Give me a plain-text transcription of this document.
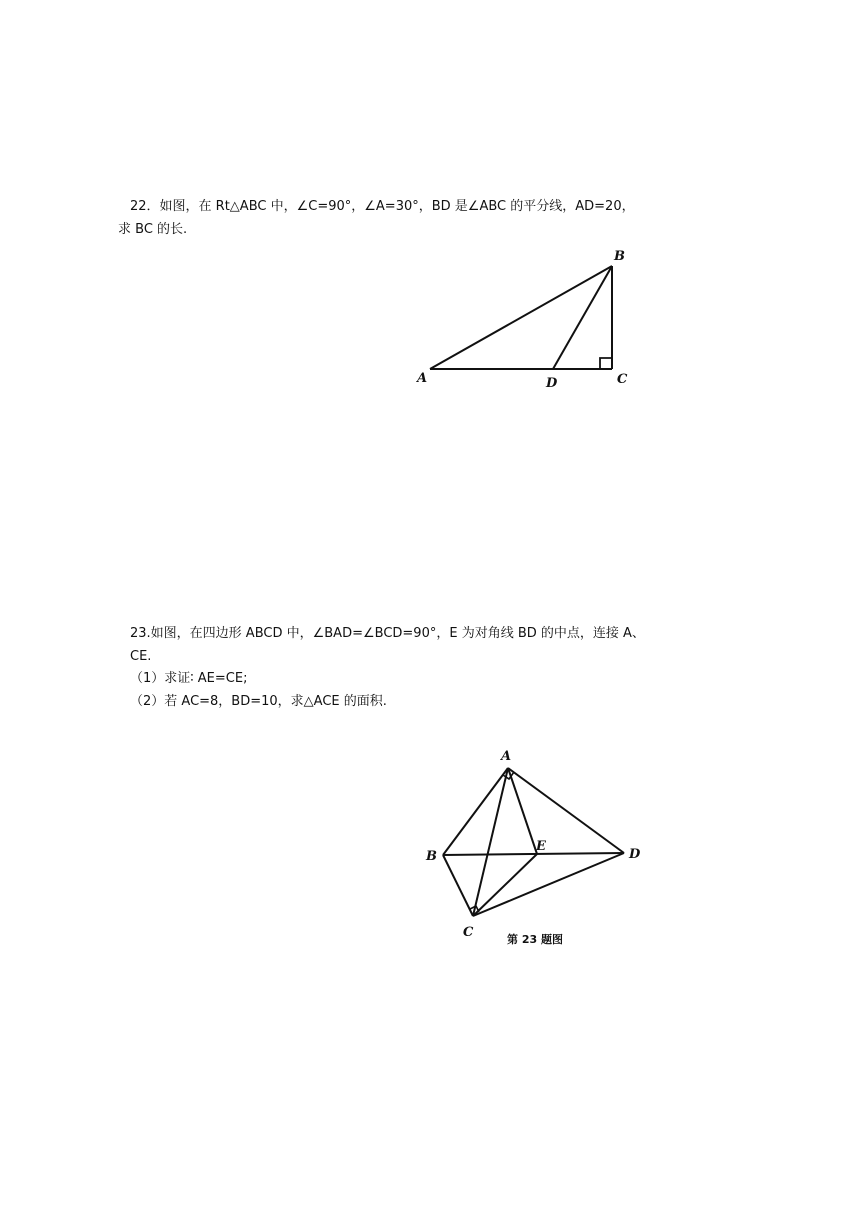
22．如图，在 Rt△ABC 中，∠C=90°，∠A=30°，BD 是∠ABC 的平分线，AD=20，
求 BC 的长.
A
B
C
D
23.如图，在四边形 ABCD 中，∠BAD=∠BCD=90°，E 为对角线 BD 的中点，连接 A、
CE.
（1）求证∶ AE=CE;
（2）若 AC=8，BD=10，求△ACE 的面积.
A
B
C
D
E
第 23 题图
